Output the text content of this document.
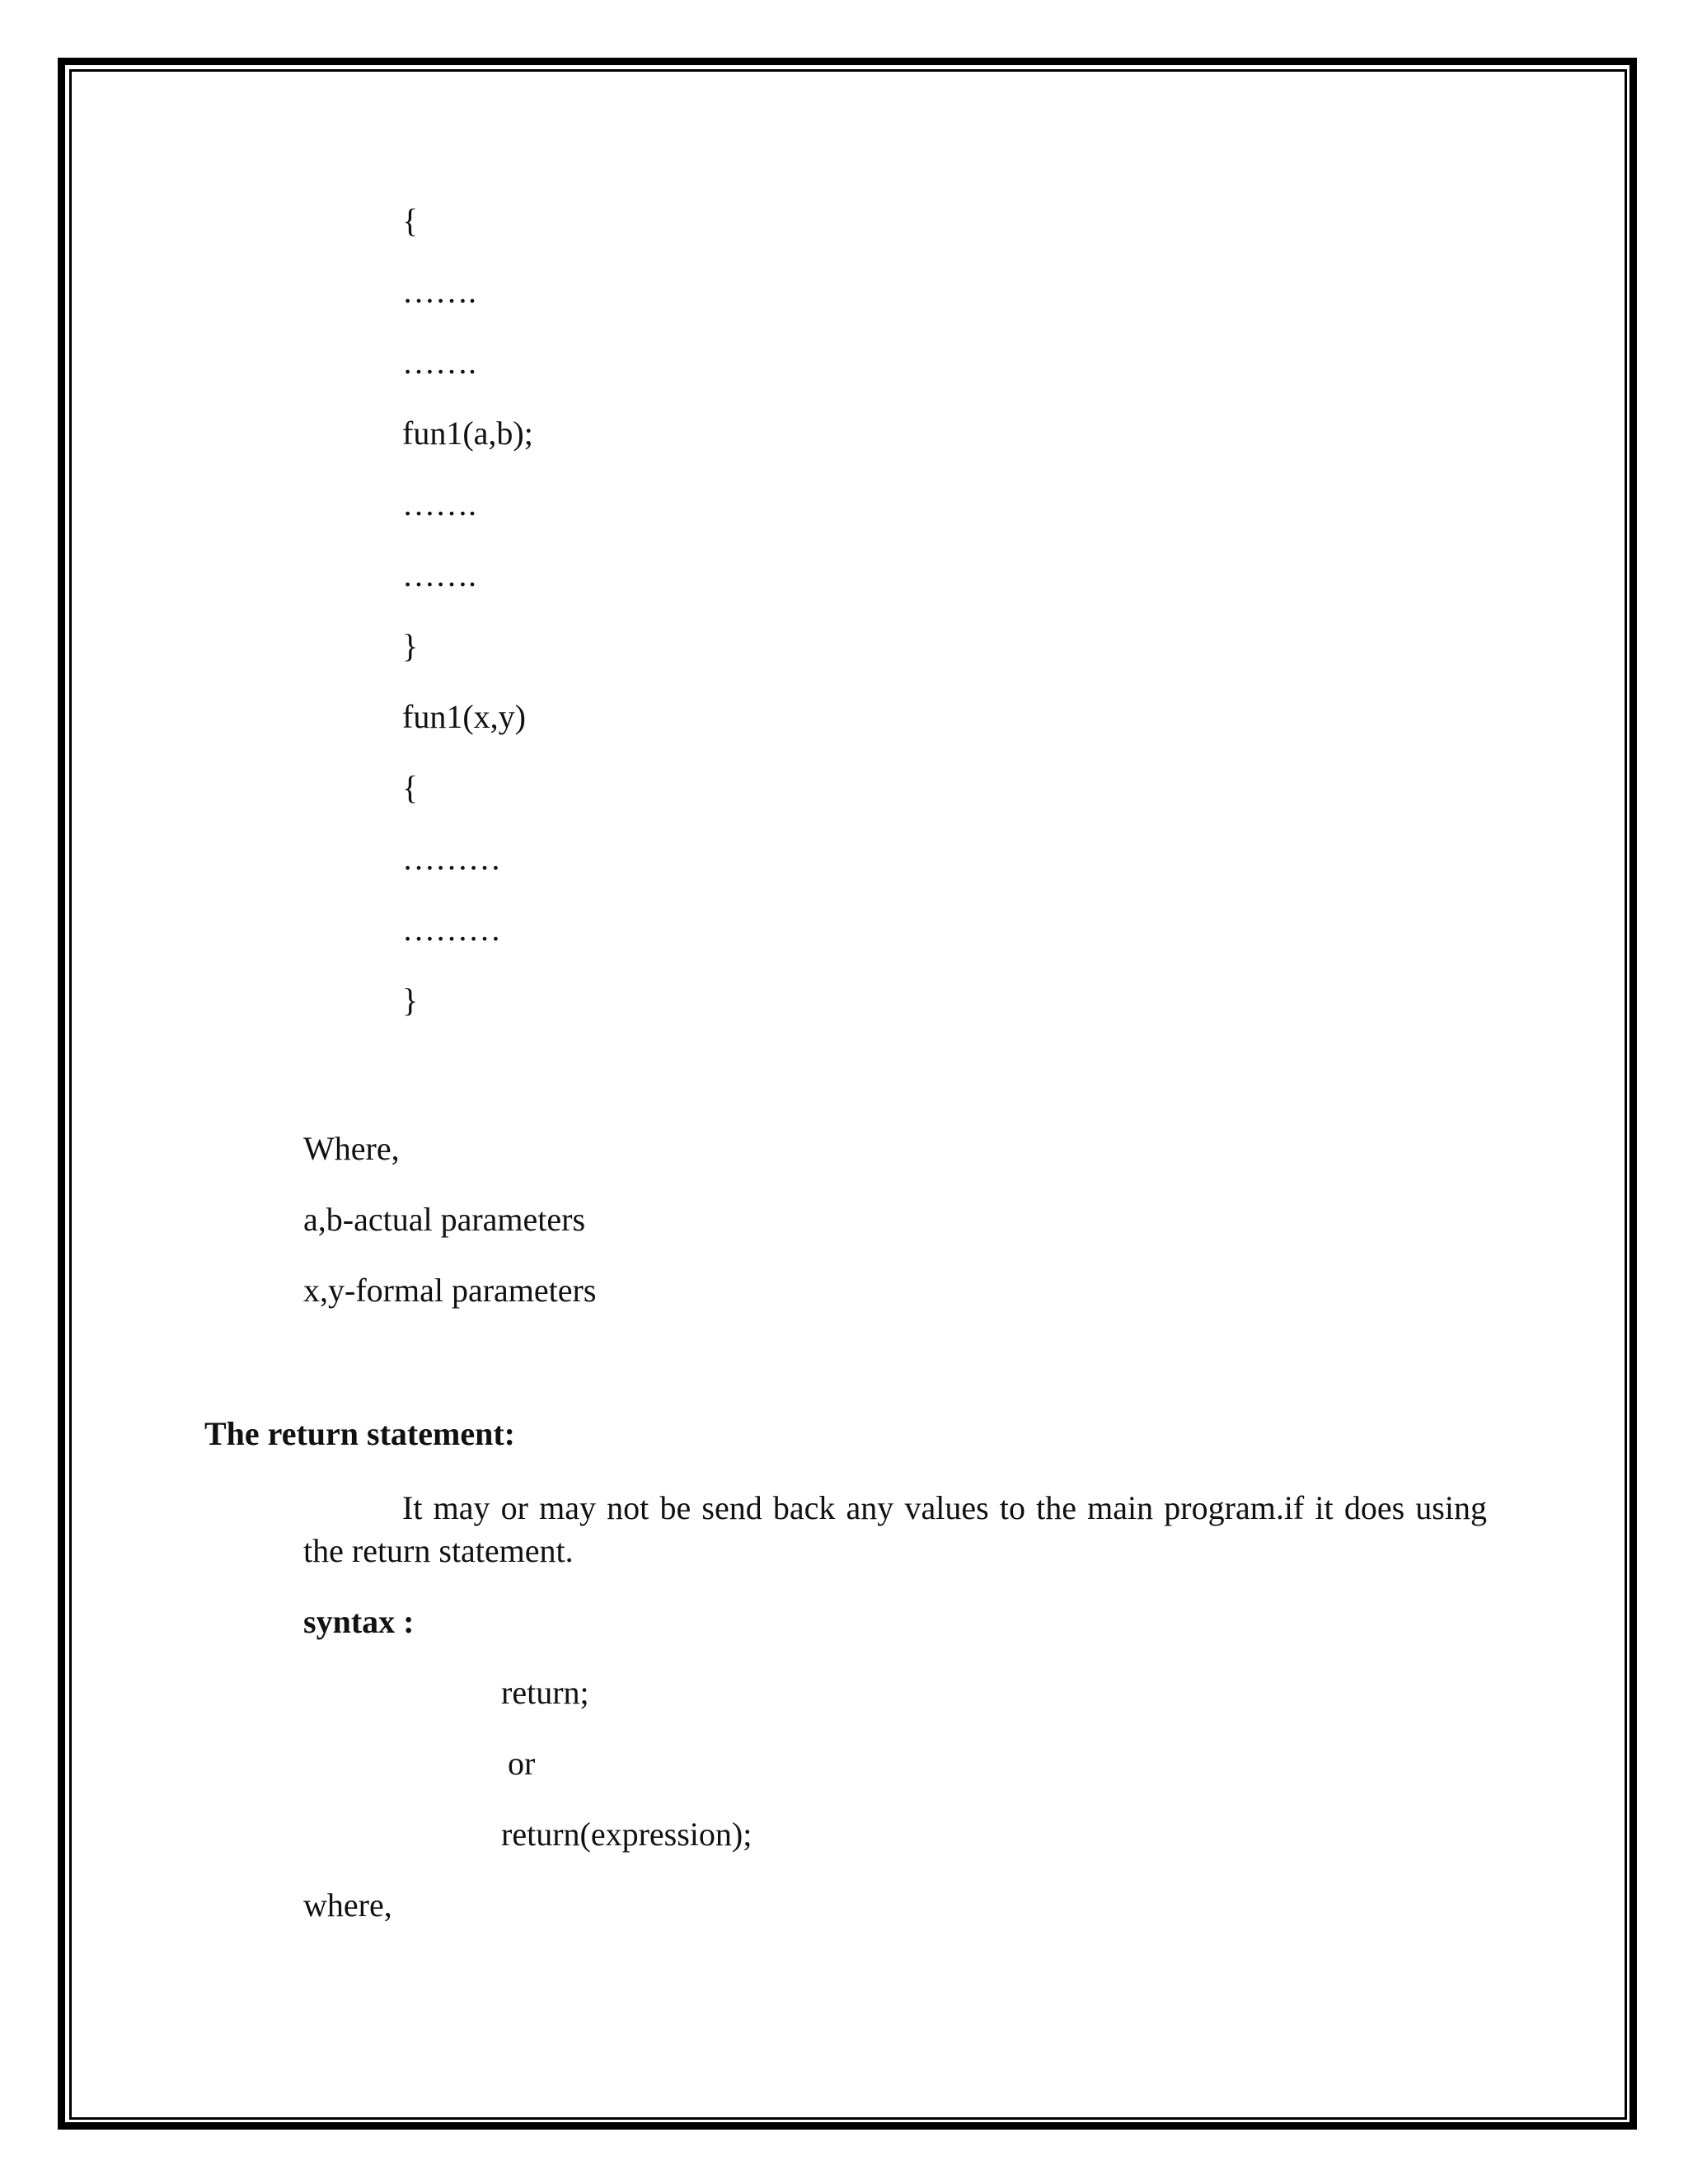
{
…….
…….
fun1(a,b);
…….
…….
}
fun1(x,y)
{
………
………
}
Where,
a,b-actual parameters
x,y-formal parameters
The return statement:
It may or may not be send back any values to the main program.if it does using the return statement.
syntax :
return;
or
return(expression);
where,
